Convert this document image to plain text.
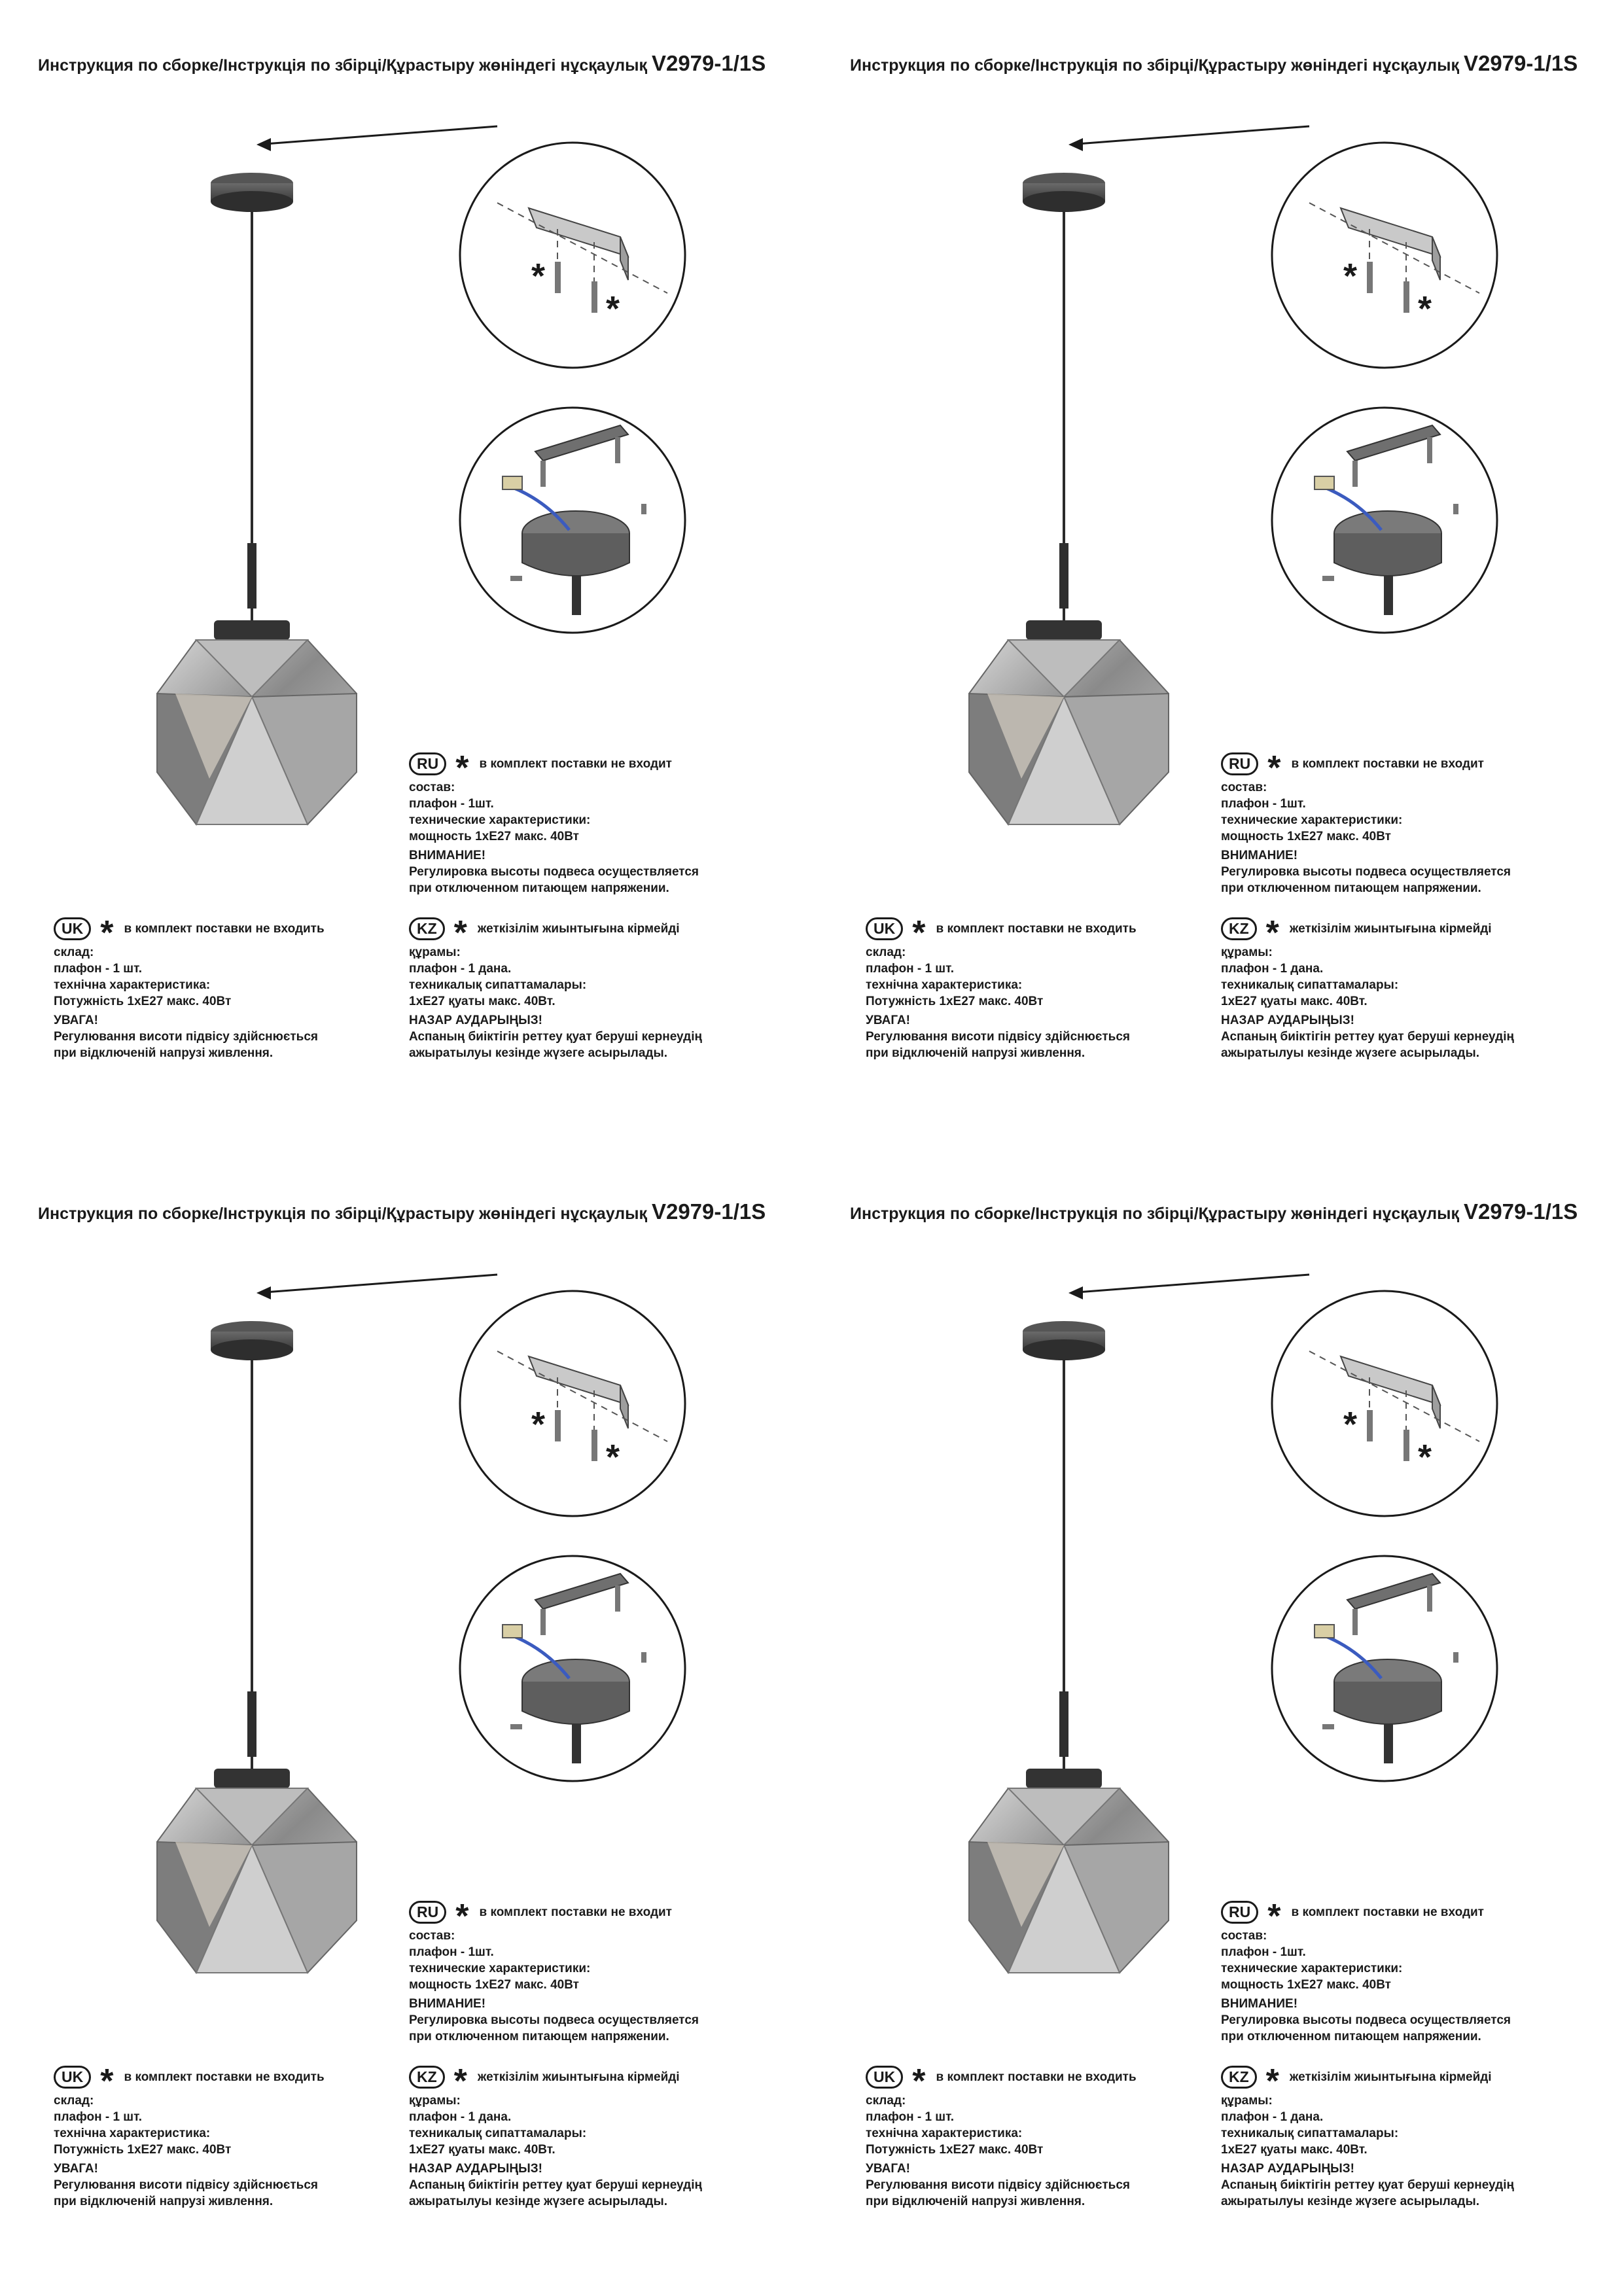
Инструкция по сборке/Інструкція по збірці/Құрастыру жөніндегі нұсқаулық V2979-1/1S
RU * в комплект поставки не входит
состав:
плафон - 1шт.
технические характеристики:
мощность 1хЕ27 макс. 40Вт
ВНИМАНИЕ!
Регулировка высоты подвеса осуществляется
при отключенном питающем напряжении.
UK * в комплект поставки не входить
склад:
плафон - 1 шт.
технічна характеристика:
Потужність 1хЕ27 макс. 40Вт
УВАГА!
Регулювання висоти підвісу здійснюється
при відключеній напрузі живлення.
KZ * жеткізілім жиынтығына кірмейді
құрамы:
плафон - 1 дана.
техникалық сипаттамалары:
1хЕ27 қуаты макс. 40Вт.
НАЗАР АУДАРЫҢЫЗ!
Аспаның биіктігін реттеу қуат беруші кернеудің
ажыратылуы кезінде жүзеге асырылады.
Инструкция по сборке/Інструкція по збірці/Құрастыру жөніндегі нұсқаулық V2979-1/1S
RU * в комплект поставки не входит
состав:
плафон - 1шт.
технические характеристики:
мощность 1хЕ27 макс. 40Вт
ВНИМАНИЕ!
Регулировка высоты подвеса осуществляется
при отключенном питающем напряжении.
UK * в комплект поставки не входить
склад:
плафон - 1 шт.
технічна характеристика:
Потужність 1хЕ27 макс. 40Вт
УВАГА!
Регулювання висоти підвісу здійснюється
при відключеній напрузі живлення.
KZ * жеткізілім жиынтығына кірмейді
құрамы:
плафон - 1 дана.
техникалық сипаттамалары:
1хЕ27 қуаты макс. 40Вт.
НАЗАР АУДАРЫҢЫЗ!
Аспаның биіктігін реттеу қуат беруші кернеудің
ажыратылуы кезінде жүзеге асырылады.
Инструкция по сборке/Інструкція по збірці/Құрастыру жөніндегі нұсқаулық V2979-1/1S
RU * в комплект поставки не входит
состав:
плафон - 1шт.
технические характеристики:
мощность 1хЕ27 макс. 40Вт
ВНИМАНИЕ!
Регулировка высоты подвеса осуществляется
при отключенном питающем напряжении.
UK * в комплект поставки не входить
склад:
плафон - 1 шт.
технічна характеристика:
Потужність 1хЕ27 макс. 40Вт
УВАГА!
Регулювання висоти підвісу здійснюється
при відключеній напрузі живлення.
KZ * жеткізілім жиынтығына кірмейді
құрамы:
плафон - 1 дана.
техникалық сипаттамалары:
1хЕ27 қуаты макс. 40Вт.
НАЗАР АУДАРЫҢЫЗ!
Аспаның биіктігін реттеу қуат беруші кернеудің
ажыратылуы кезінде жүзеге асырылады.
Инструкция по сборке/Інструкція по збірці/Құрастыру жөніндегі нұсқаулық V2979-1/1S
RU * в комплект поставки не входит
состав:
плафон - 1шт.
технические характеристики:
мощность 1хЕ27 макс. 40Вт
ВНИМАНИЕ!
Регулировка высоты подвеса осуществляется
при отключенном питающем напряжении.
UK * в комплект поставки не входить
склад:
плафон - 1 шт.
технічна характеристика:
Потужність 1хЕ27 макс. 40Вт
УВАГА!
Регулювання висоти підвісу здійснюється
при відключеній напрузі живлення.
KZ * жеткізілім жиынтығына кірмейді
құрамы:
плафон - 1 дана.
техникалық сипаттамалары:
1хЕ27 қуаты макс. 40Вт.
НАЗАР АУДАРЫҢЫЗ!
Аспаның биіктігін реттеу қуат беруші кернеудің
ажыратылуы кезінде жүзеге асырылады.
